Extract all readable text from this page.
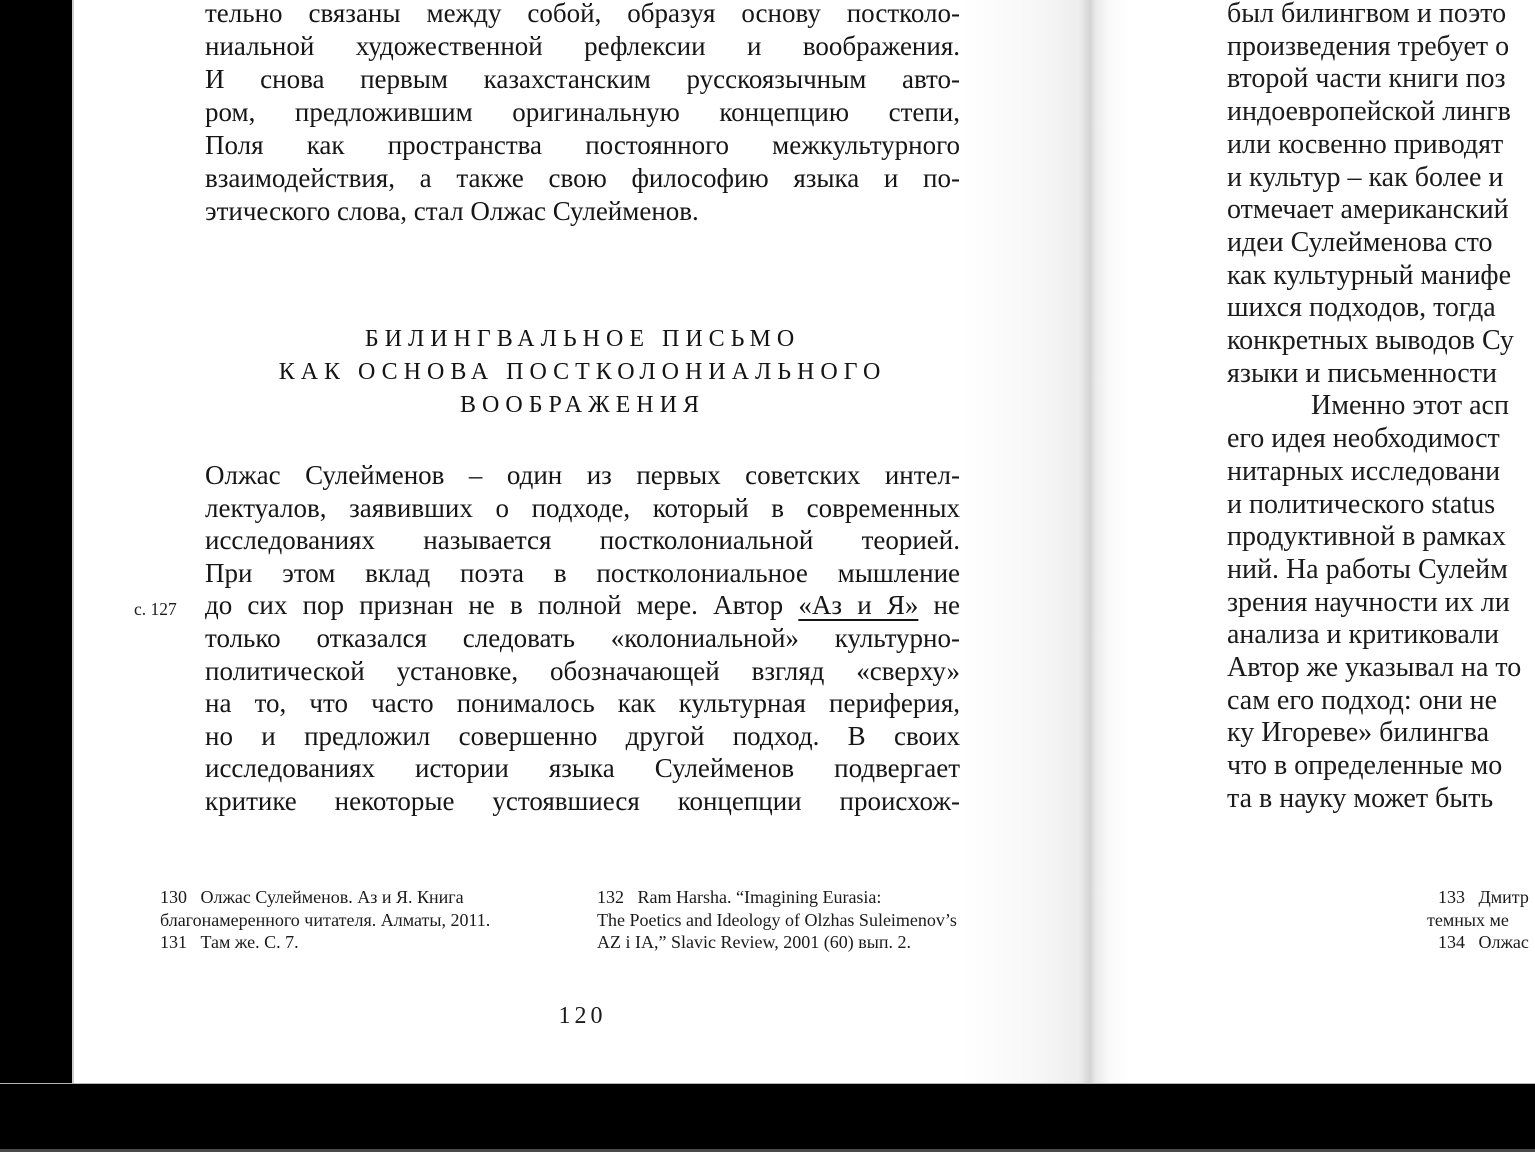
тельно связаны между собой, образуя основу постколо-
ниальной художественной рефлексии и воображения.
И снова первым казахстанским русскоязычным авто-
ром, предложившим оригинальную концепцию степи,
Поля как пространства постоянного межкультурного
взаимодействия, а также свою философию языка и по-
этического слова, стал Олжас Сулейменов.
БИЛИНГВАЛЬНОЕ ПИСЬМО
КАК ОСНОВА ПОСТКОЛОНИАЛЬНОГО
ВООБРАЖЕНИЯ
с. 127
Олжас Сулейменов – один из первых советских интел-
лектуалов, заявивших о подходе, который в современных
исследованиях называется постколониальной теорией.
При этом вклад поэта в постколониальное мышление
до сих пор признан не в полной мере. Автор «Аз и Я» не
только отказался следовать «колониальной» культурно-
политической установке, обозначающей взгляд «сверху»
на то, что часто понималось как культурная периферия,
но и предложил совершенно другой подход. В своих
исследованиях истории языка Сулейменов подвергает
критике некоторые устоявшиеся концепции происхож-
130   Олжас Сулейменов. Аз и Я. Книга
благонамеренного читателя. Алматы, 2011.
131   Там же. С. 7.
132   Ram Harsha. “Imagining Eurasia:
The Poetics and Ideology of Olzhas Suleimenov’s
AZ i IA,” Slavic Review, 2001 (60) вып. 2.
120
был билингвом и поэто
произведения требует о
второй части книги поз
индоевропейской лингв
или косвенно приводят
и культур – как более и
отмечает американский
идеи Сулейменова сто
как культурный манифе
шихся подходов, тогда
конкретных выводов Су
языки и письменности
Именно этот асп
его идея необходимост
нитарных исследовани
и политического status
продуктивной в рамках
ний. На работы Сулейм
зрения научности их ли
анализа и критиковали
Автор же указывал на то
сам его подход: они не
ку Игореве» билингва
что в определенные мо
та в науку может быть
133   Дмитр
темных ме
134   Олжас
